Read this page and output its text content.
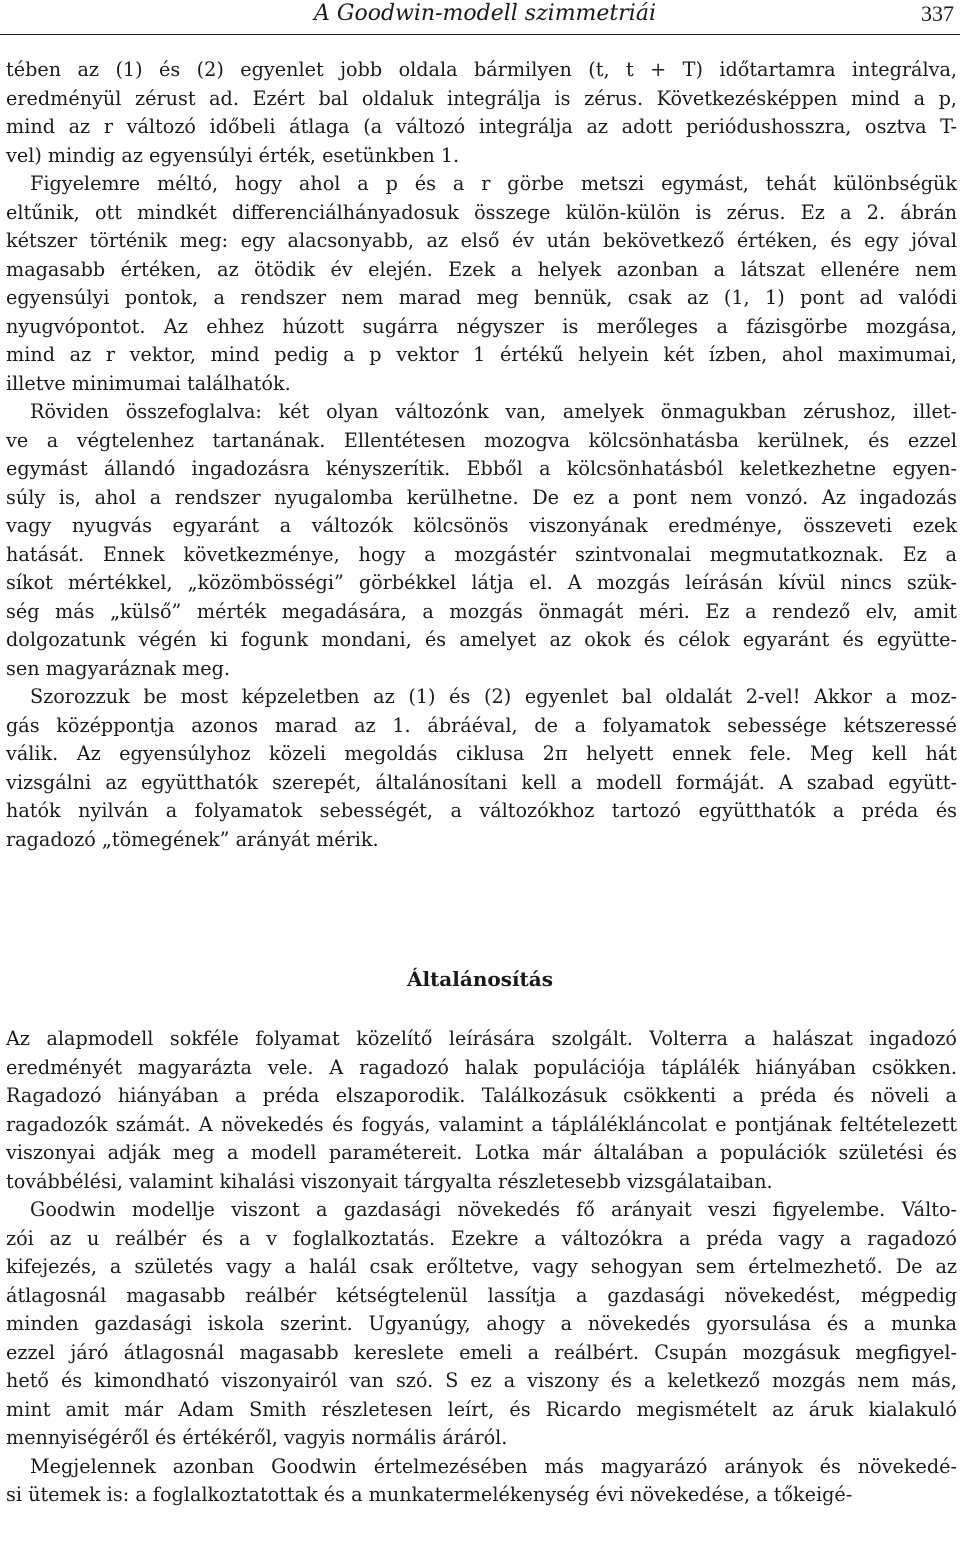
A Goodwin-modell szimmetriái	337
tében az (1) és (2) egyenlet jobb oldala bármilyen (t, t + T) időtartamra integrálva,
eredményül zérust ad. Ezért bal oldaluk integrálja is zérus. Következésképpen mind a p,
mind az r változó időbeli átlaga (a változó integrálja az adott periódushosszra, osztva T-
vel) mindig az egyensúlyi érték, esetünkben 1.
Figyelemre méltó, hogy ahol a p és a r görbe metszi egymást, tehát különbségük
eltűnik, ott mindkét differenciálhányadosuk összege külön-külön is zérus. Ez a 2. ábrán
kétszer történik meg: egy alacsonyabb, az első év után bekövetkező értéken, és egy jóval
magasabb értéken, az ötödik év elején. Ezek a helyek azonban a látszat ellenére nem
egyensúlyi pontok, a rendszer nem marad meg bennük, csak az (1, 1) pont ad valódi
nyugvópontot. Az ehhez húzott sugárra négyszer is merőleges a fázisgörbe mozgása,
mind az r vektor, mind pedig a p vektor 1 értékű helyein két ízben, ahol maximumai,
illetve minimumai találhatók.
Röviden összefoglalva: két olyan változónk van, amelyek önmagukban zérushoz, illet-
ve a végtelenhez tartanának. Ellentétesen mozogva kölcsönhatásba kerülnek, és ezzel
egymást állandó ingadozásra kényszerítik. Ebből a kölcsönhatásból keletkezhetne egyen-
súly is, ahol a rendszer nyugalomba kerülhetne. De ez a pont nem vonzó. Az ingadozás
vagy nyugvás egyaránt a változók kölcsönös viszonyának eredménye, összeveti ezek
hatását. Ennek következménye, hogy a mozgástér szintvonalai megmutatkoznak. Ez a
síkot mértékkel, „közömbösségi” görbékkel látja el. A mozgás leírásán kívül nincs szük-
ség más „külső” mérték megadására, a mozgás önmagát méri. Ez a rendező elv, amit
dolgozatunk végén ki fogunk mondani, és amelyet az okok és célok egyaránt és együtte-
sen magyaráznak meg.
Szorozzuk be most képzeletben az (1) és (2) egyenlet bal oldalát 2-vel! Akkor a moz-
gás középpontja azonos marad az 1. ábráéval, de a folyamatok sebessége kétszeressé
válik. Az egyensúlyhoz közeli megoldás ciklusa 2π helyett ennek fele. Meg kell hát
vizsgálni az együtthatók szerepét, általánosítani kell a modell formáját. A szabad együtt-
hatók nyilván a folyamatok sebességét, a változókhoz tartozó együtthatók a préda és
ragadozó „tömegének” arányát mérik.
Általánosítás
Az alapmodell sokféle folyamat közelítő leírására szolgált. Volterra a halászat ingadozó
eredményét magyarázta vele. A ragadozó halak populációja táplálék hiányában csökken.
Ragadozó hiányában a préda elszaporodik. Találkozásuk csökkenti a préda és növeli a
ragadozók számát. A növekedés és fogyás, valamint a táplálékláncolat e pontjának feltételezett
viszonyai adják meg a modell paramétereit. Lotka már általában a populációk születési és
továbbélési, valamint kihalási viszonyait tárgyalta részletesebb vizsgálataiban.
Goodwin modellje viszont a gazdasági növekedés fő arányait veszi figyelembe. Válto-
zói az u reálbér és a v foglalkoztatás. Ezekre a változókra a préda vagy a ragadozó
kifejezés, a születés vagy a halál csak erőltetve, vagy sehogyan sem értelmezhető. De az
átlagosnál magasabb reálbér kétségtelenül lassítja a gazdasági növekedést, mégpedig
minden gazdasági iskola szerint. Ugyanúgy, ahogy a növekedés gyorsulása és a munka
ezzel járó átlagosnál magasabb kereslete emeli a reálbért. Csupán mozgásuk megfigyel-
hető és kimondható viszonyairól van szó. S ez a viszony és a keletkező mozgás nem más,
mint amit már Adam Smith részletesen leírt, és Ricardo megismételt az áruk kialakuló
mennyiségéről és értékéről, vagyis normális áráról.
Megjelennek azonban Goodwin értelmezésében más magyarázó arányok és növekedé-
si ütemek is: a foglalkoztatottak és a munkatermelékenység évi növekedése, a tőkeigé-
